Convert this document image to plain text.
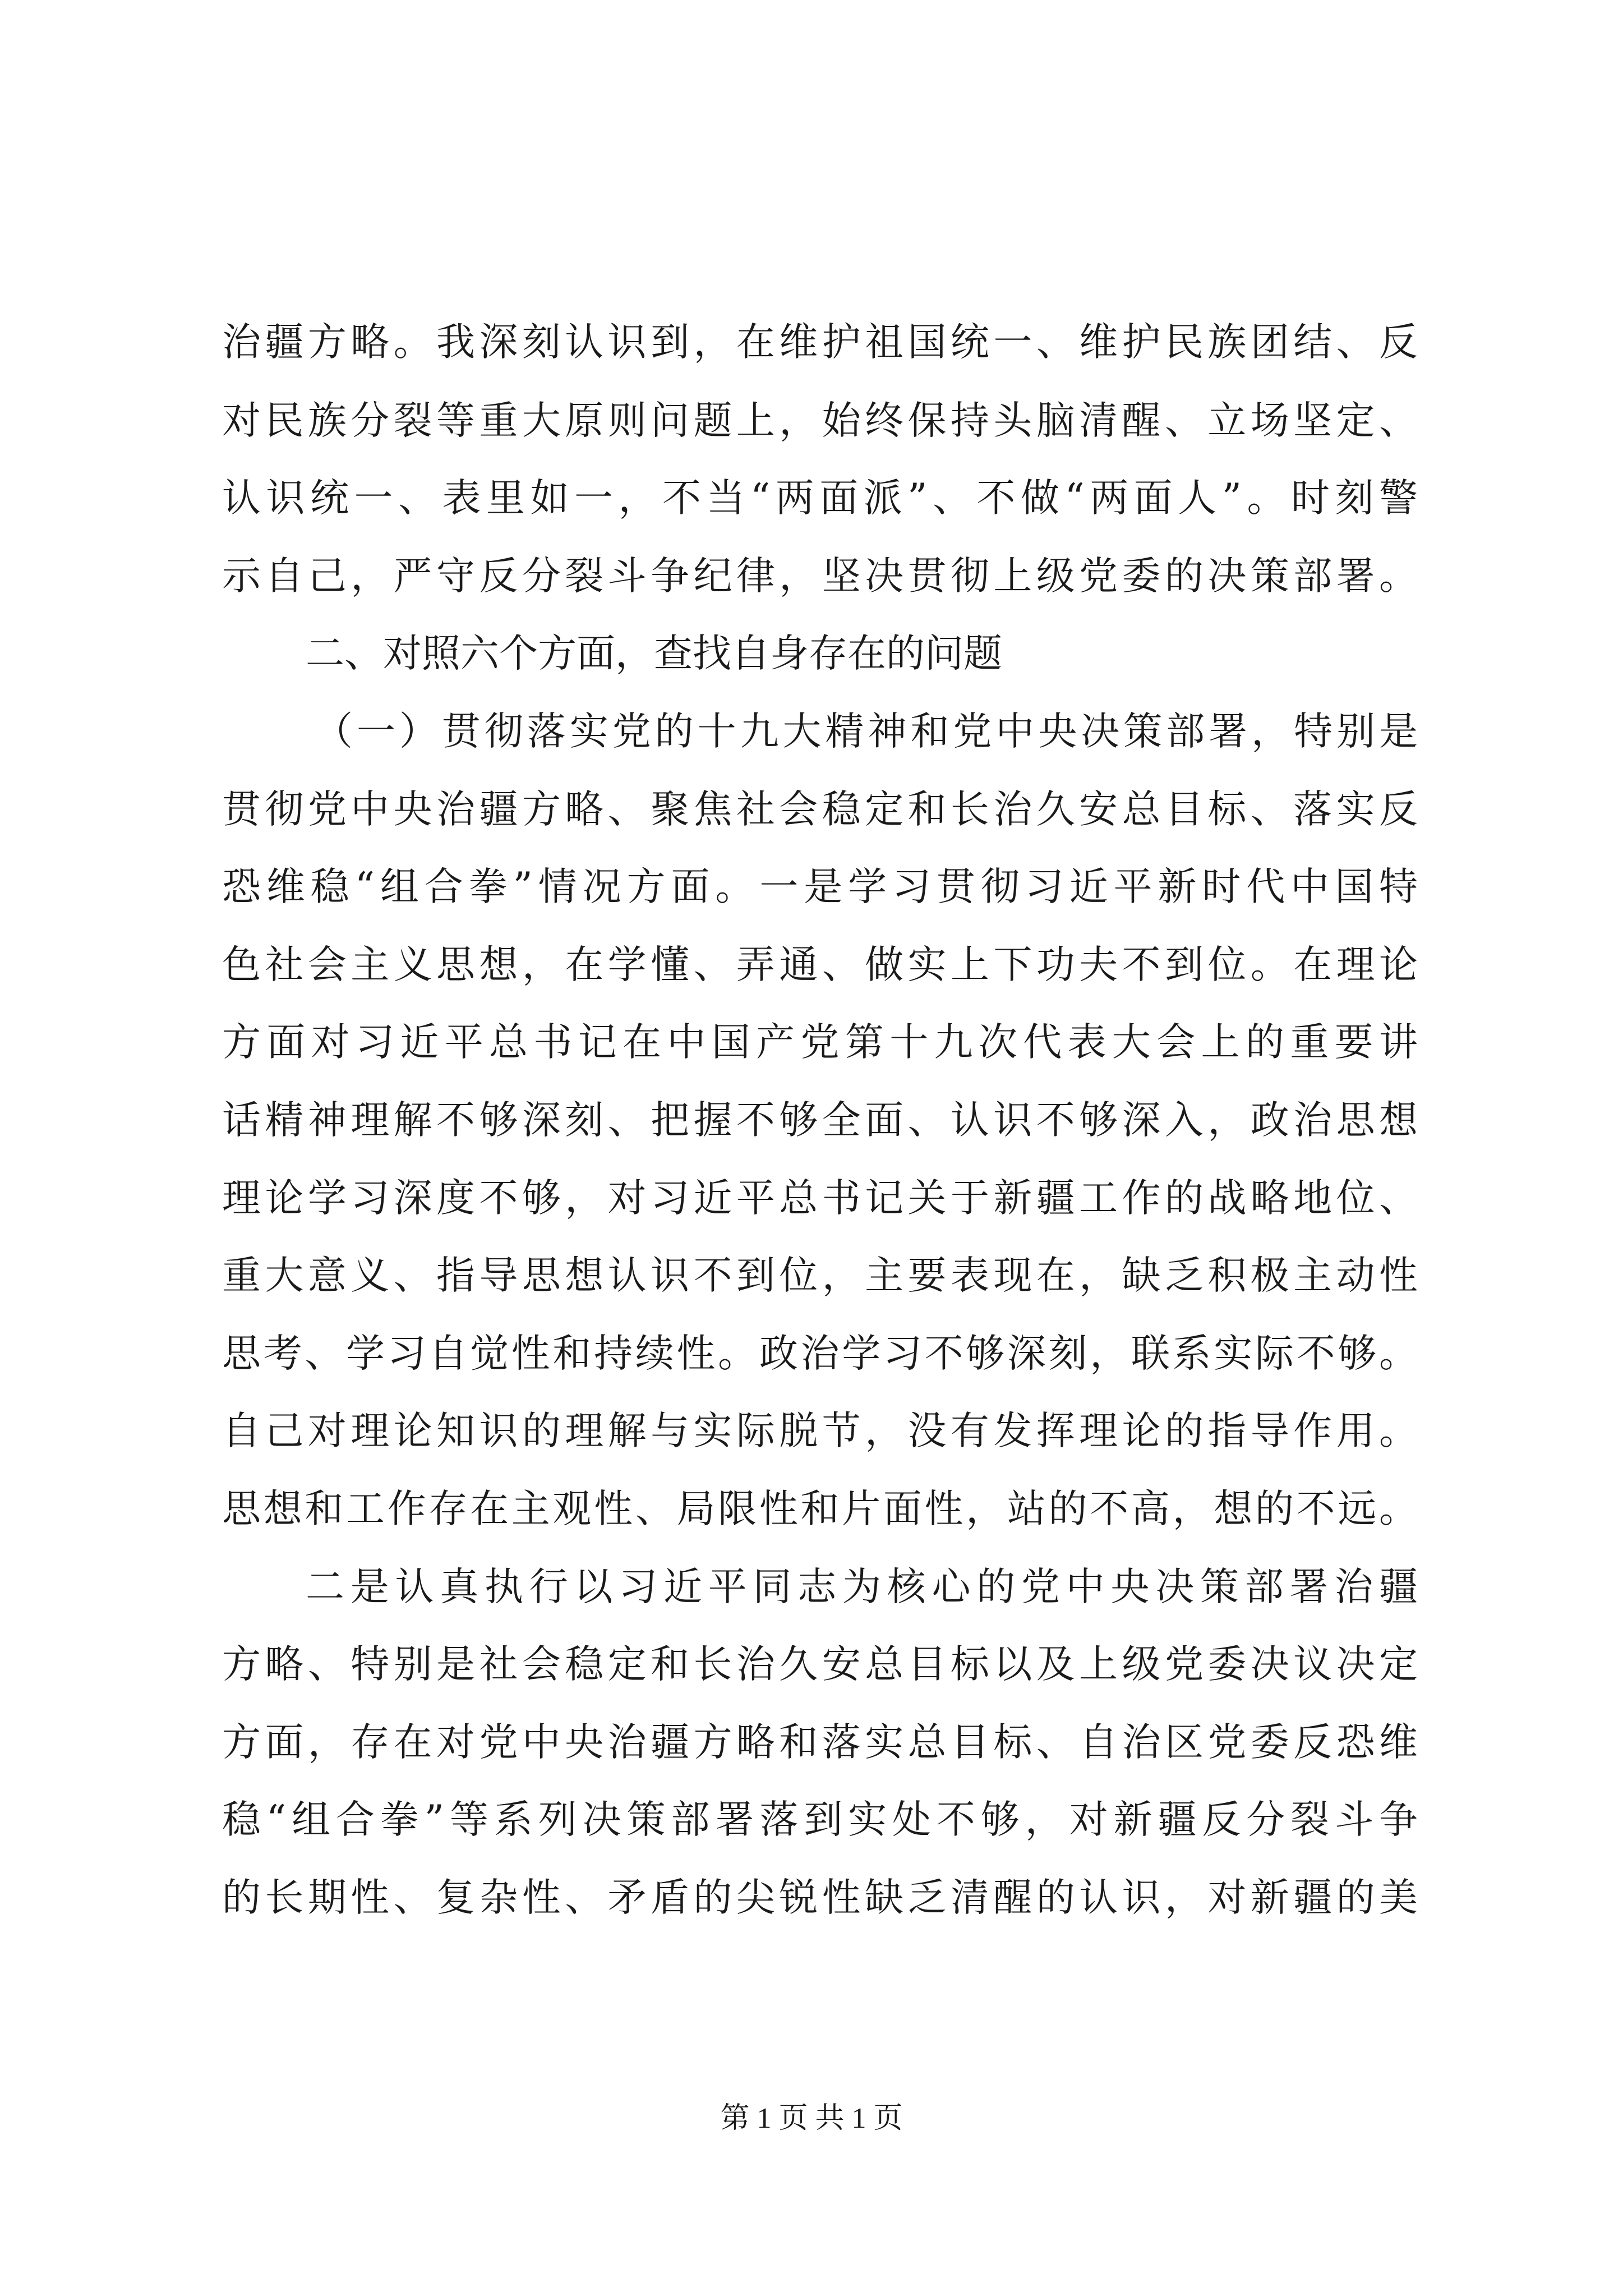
治疆方略。我深刻认识到，在维护祖国统一、维护民族团结、反
对民族分裂等重大原则问题上，始终保持头脑清醒、立场坚定、
认识统一、表里如一，不当“两面派”、不做“两面人”。时刻警
示自己，严守反分裂斗争纪律，坚决贯彻上级党委的决策部署。
二、对照六个方面，查找自身存在的问题
（一）贯彻落实党的十九大精神和党中央决策部署，特别是
贯彻党中央治疆方略、聚焦社会稳定和长治久安总目标、落实反
恐维稳“组合拳”情况方面。一是学习贯彻习近平新时代中国特
色社会主义思想，在学懂、弄通、做实上下功夫不到位。在理论
方面对习近平总书记在中国产党第十九次代表大会上的重要讲
话精神理解不够深刻、把握不够全面、认识不够深入，政治思想
理论学习深度不够，对习近平总书记关于新疆工作的战略地位、
重大意义、指导思想认识不到位，主要表现在，缺乏积极主动性
思考、学习自觉性和持续性。政治学习不够深刻，联系实际不够。
自己对理论知识的理解与实际脱节，没有发挥理论的指导作用。
思想和工作存在主观性、局限性和片面性，站的不高，想的不远。
二是认真执行以习近平同志为核心的党中央决策部署治疆
方略、特别是社会稳定和长治久安总目标以及上级党委决议决定
方面，存在对党中央治疆方略和落实总目标、自治区党委反恐维
稳“组合拳”等系列决策部署落到实处不够，对新疆反分裂斗争
的长期性、复杂性、矛盾的尖锐性缺乏清醒的认识，对新疆的美
第 1 页 共 1 页
